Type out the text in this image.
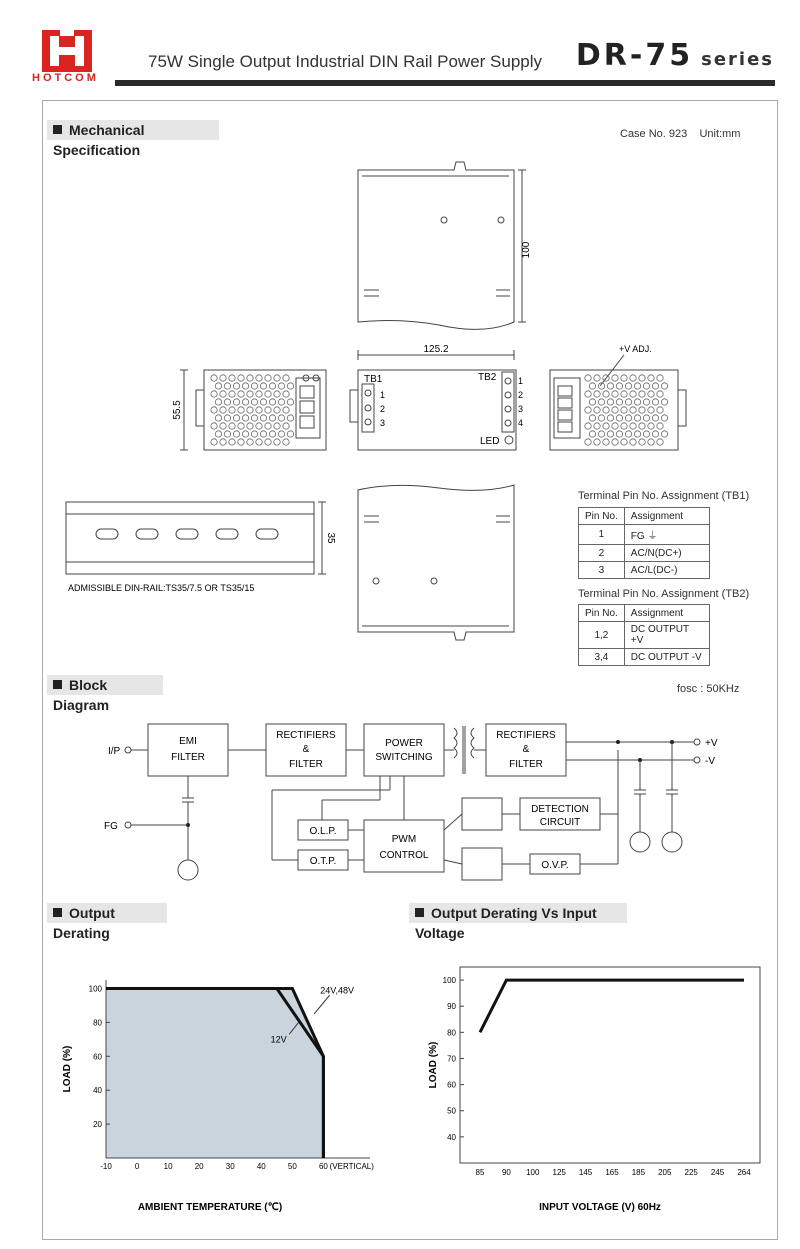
HOTCOM
75W Single Output Industrial DIN Rail Power Supply DR-75 series
Mechanical Specification
Case No. 923    Unit:mm
100
125.2
TB1	TB2
1
2
3
1
2
3
4
LED
55.5
+V ADJ.
35
ADMISSIBLE DIN-RAIL:TS35/7.5 OR TS35/15
Terminal Pin No. Assignment (TB1)
Pin No.	Assignment
1	FG ⏚
2	AC/N(DC+)
3	AC/L(DC-)
Terminal Pin No. Assignment (TB2)
Pin No.	Assignment
1,2	DC OUTPUT +V
3,4	DC OUTPUT -V
Block Diagram
fosc : 50KHz
I/P
FG
EMI
FILTER
RECTIFIERS
&
FILTER
POWER
SWITCHING
RECTIFIERS
&
FILTER
O.L.P.
O.T.P.
PWM
CONTROL
DETECTION
CIRCUIT
O.V.P.
+V
-V
Output Derating
Output Derating Vs Input Voltage
20
40
60
80
100
-10	0	10	20	30	40	50	60 (VERTICAL)
24V,48V
12V
LOAD (%)
AMBIENT TEMPERATURE (℃)
40
50
60
70
80
90
100
85 90 100 125 145 165 185 205 225 245 264
LOAD (%)
INPUT VOLTAGE (V) 60Hz
